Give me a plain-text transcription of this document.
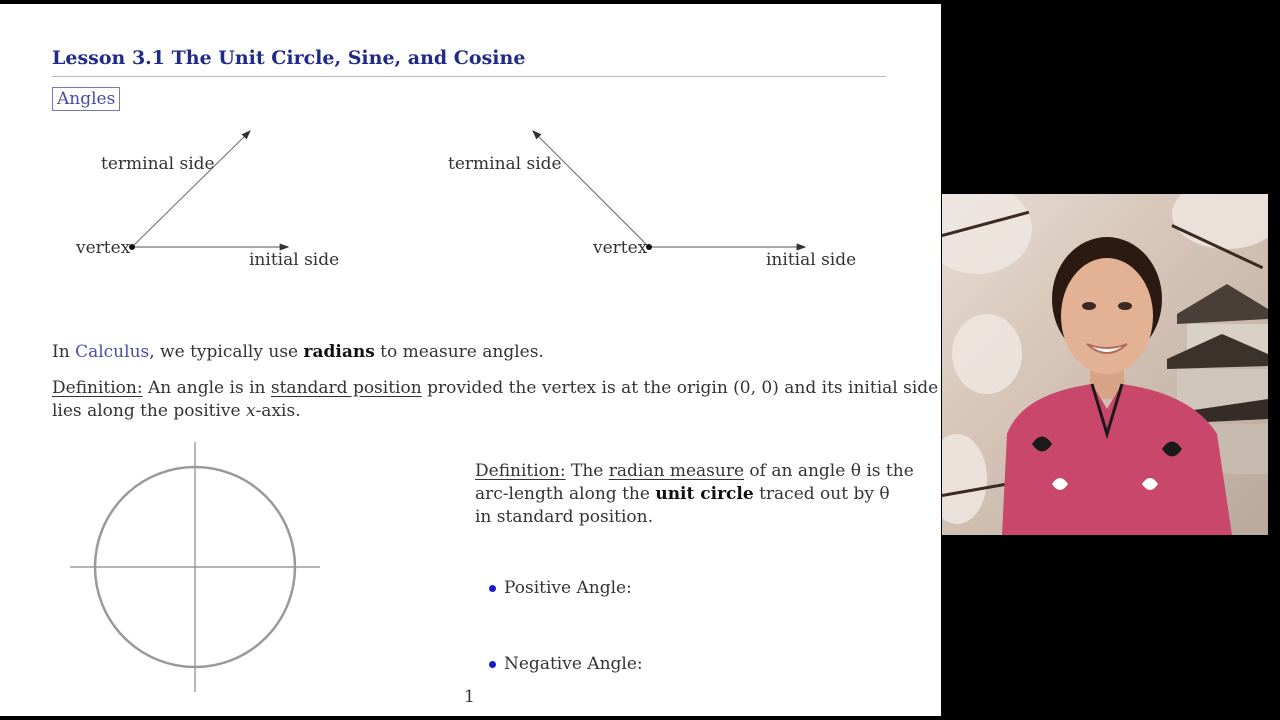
Lesson 3.1 The Unit Circle, Sine, and Cosine
Angles
terminal side
vertex
initial side
terminal side
vertex
initial side
In Calculus, we typically use radians to measure angles.
Definition: An angle is in standard position provided the vertex is at the origin (0, 0) and its initial side
lies along the positive x-axis.
Definition: The radian measure of an angle θ is the
arc-length along the unit circle traced out by θ
in standard position.
Positive Angle:
Negative Angle:
1
